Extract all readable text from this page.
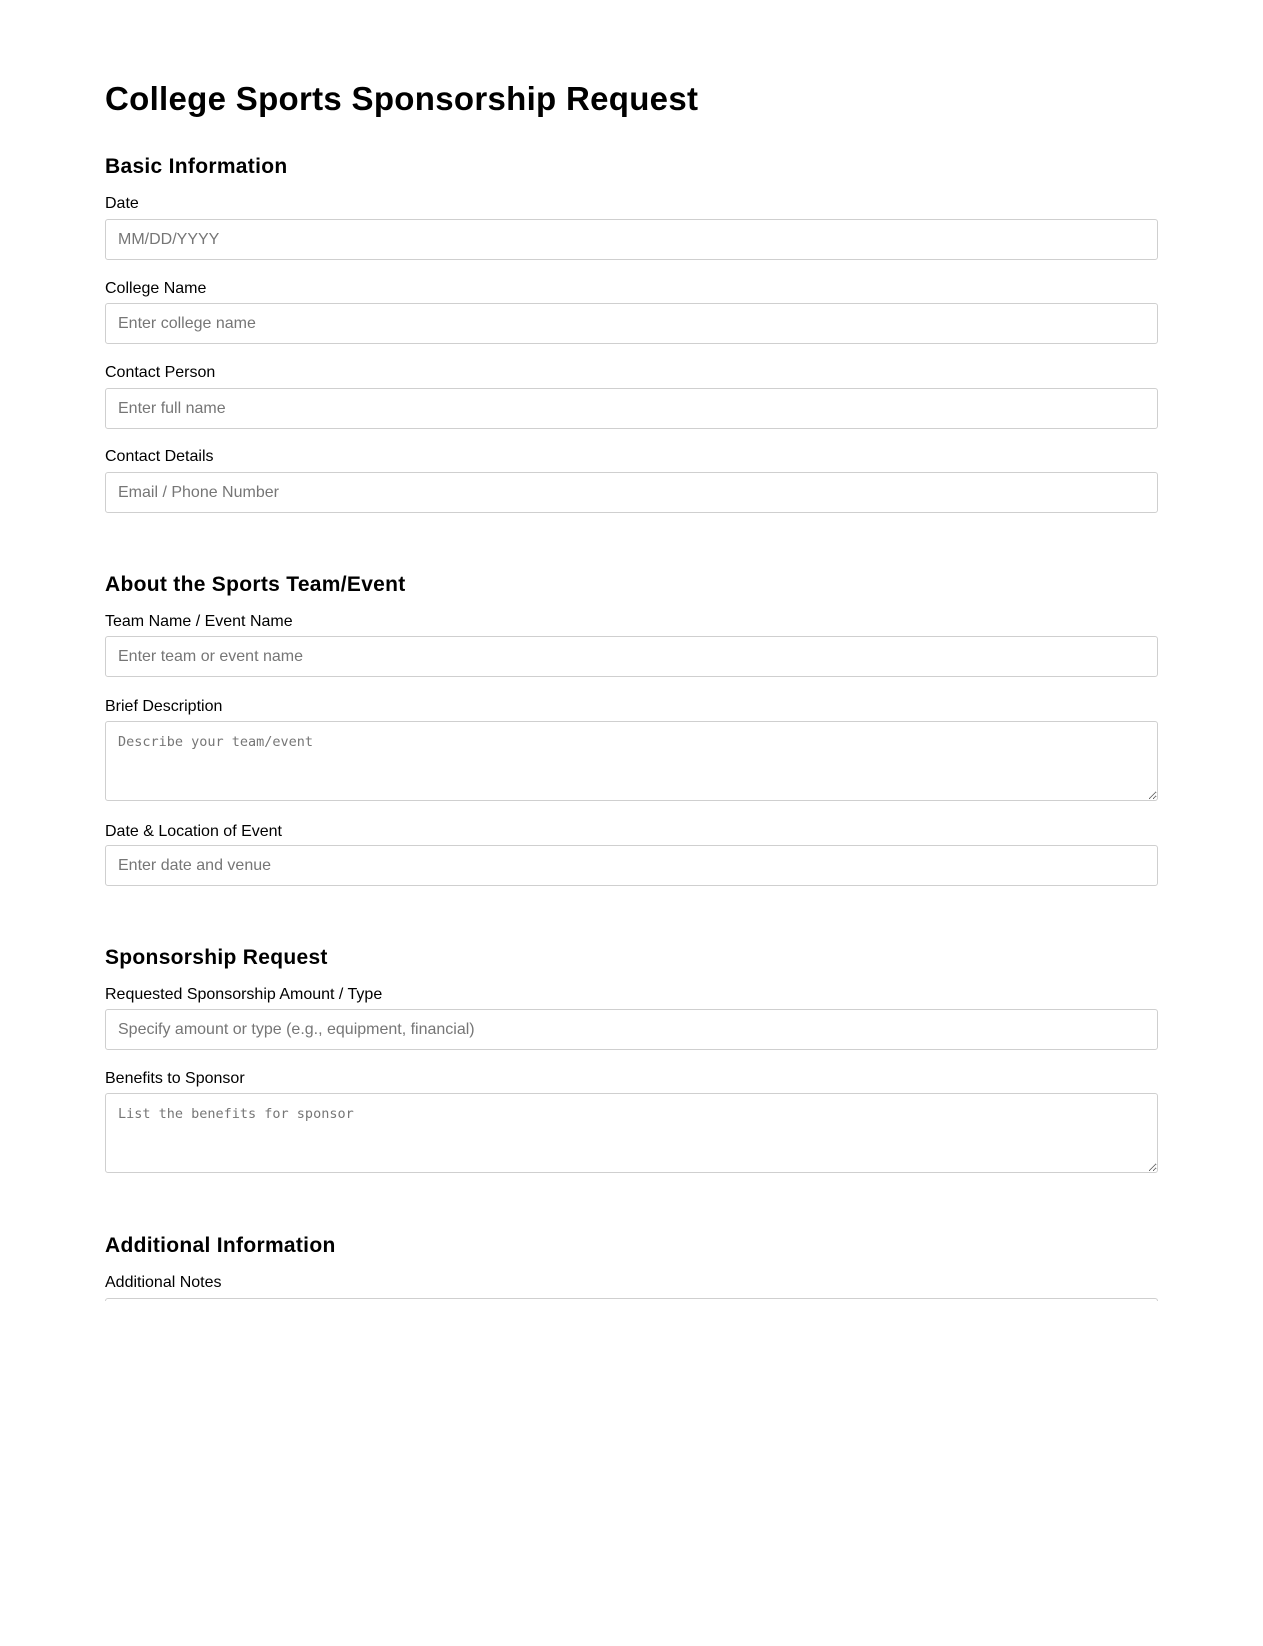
College Sports Sponsorship Request
Basic Information
Date
MM/DD/YYYY
College Name
Enter college name
Contact Person
Enter full name
Contact Details
Email / Phone Number
About the Sports Team/Event
Team Name / Event Name
Enter team or event name
Brief Description
Describe your team/event
Date & Location of Event
Enter date and venue
Sponsorship Request
Requested Sponsorship Amount / Type
Specify amount or type (e.g., equipment, financial)
Benefits to Sponsor
List the benefits for sponsor
Additional Information
Additional Notes
